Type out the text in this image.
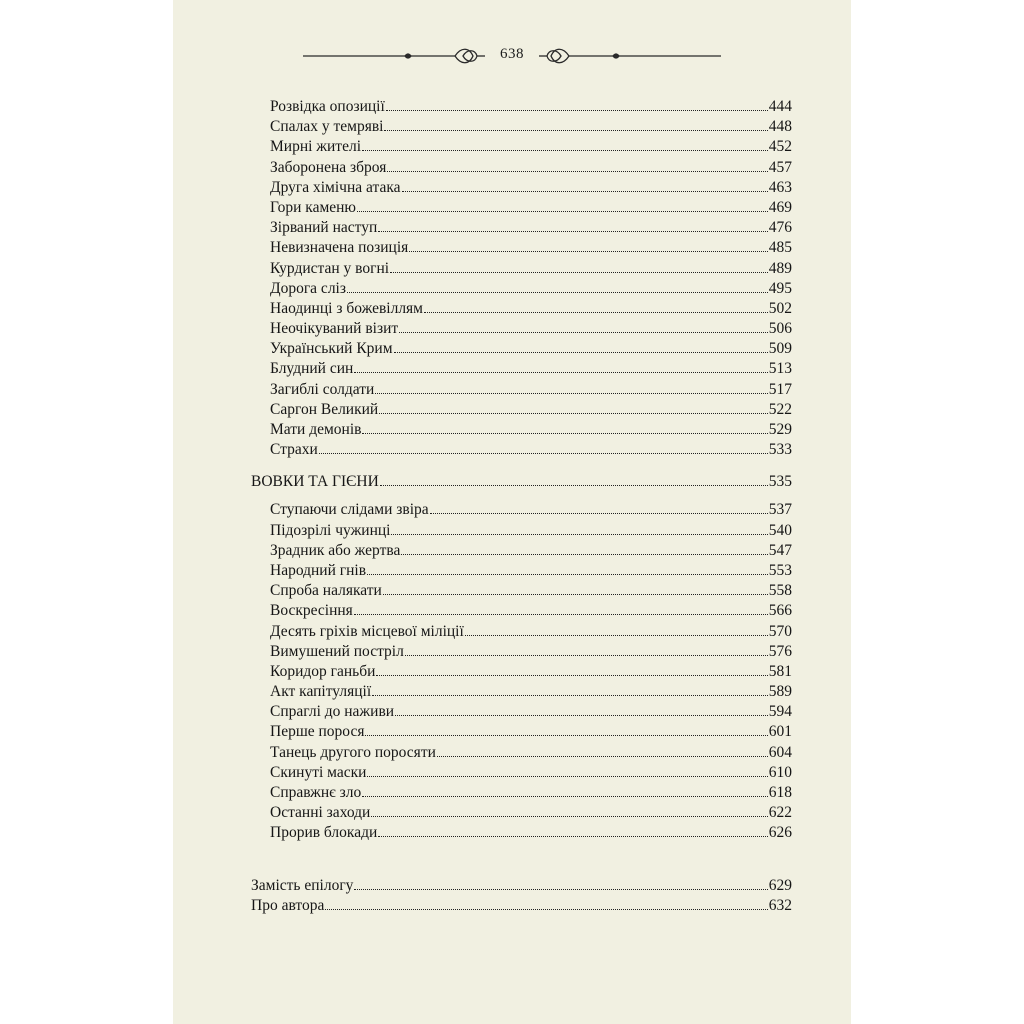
638
Розвідка опозиції	444
Спалах у темряві	448
Мирні жителі	452
Заборонена зброя	457
Друга хімічна атака	463
Гори каменю	469
Зірваний наступ	476
Невизначена позиція	485
Курдистан у вогні	489
Дорога сліз	495
Наодинці з божевіллям	502
Неочікуваний візит	506
Український Крим	509
Блудний син	513
Загиблі солдати	517
Саргон Великий	522
Мати демонів	529
Страхи	533
ВОВКИ ТА ГІЄНИ	535
Ступаючи слідами звіра	537
Підозрілі чужинці	540
Зрадник або жертва	547
Народний гнів	553
Спроба налякати	558
Воскресіння	566
Десять гріхів місцевої міліції	570
Вимушений постріл	576
Коридор ганьби	581
Акт капітуляції	589
Спраглі до наживи	594
Перше порося	601
Танець другого поросяти	604
Скинуті маски	610
Справжнє зло	618
Останні заходи	622
Прорив блокади	626
Замість епілогу	629
Про автора	632
